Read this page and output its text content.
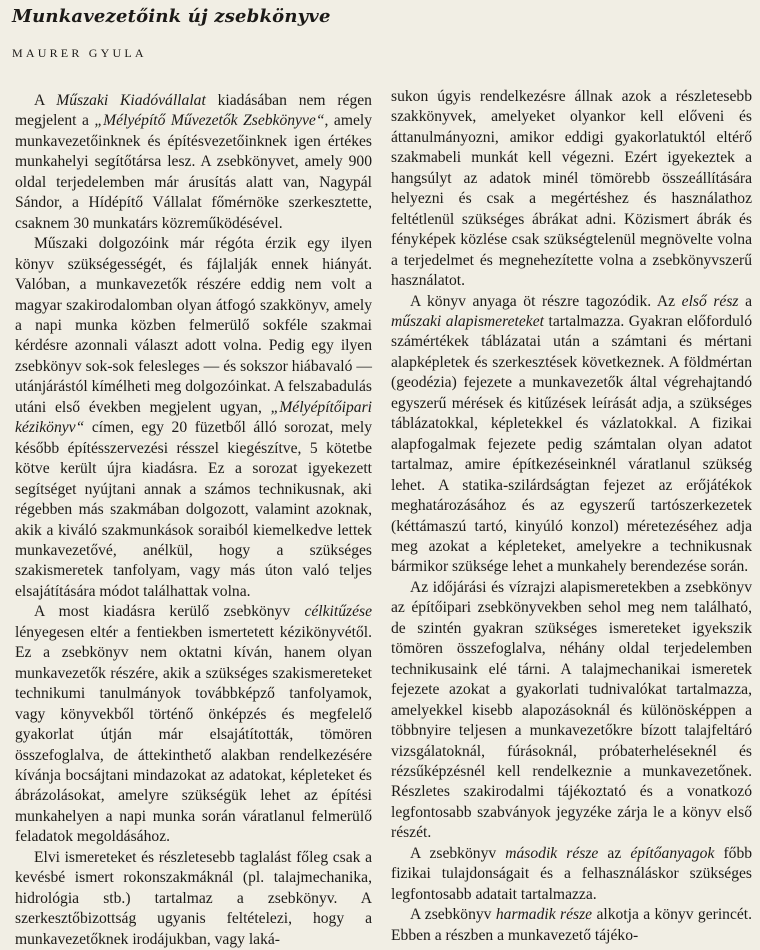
Munkavezetőink új zsebkönyve
MAURER GYULA

A Műszaki Kiadóvállalat kiadásában nem régen megjelent a „Mélyépítő Művezetők Zsebkönyve“, amely munkavezetőinknek és építésvezetőinknek igen értékes munkahelyi segítőtársa lesz. A zsebkönyvet, amely 900 oldal terjedelemben már árusítás alatt van, Nagypál Sándor, a Hídépítő Vállalat főmérnöke szerkesztette, csaknem 30 munkatárs közreműködésével.

Műszaki dolgozóink már régóta érzik egy ilyen könyv szükségességét, és fájlalják ennek hiányát. Valóban, a munkavezetők részére eddig nem volt a magyar szakirodalomban olyan átfogó szakkönyv, amely a napi munka közben felmerülő sokféle szakmai kérdésre azonnali választ adott volna. Pedig egy ilyen zsebkönyv sok-sok felesleges — és sokszor hiábavaló — utánjárástól kímélheti meg dolgozóinkat. A felszabadulás utáni első években megjelent ugyan, „Mélyépítőipari kézikönyv“ címen, egy 20 füzetből álló sorozat, mely később építésszervezési résszel kiegészítve, 5 kötetbe kötve került újra kiadásra. Ez a sorozat igyekezett segítséget nyújtani annak a számos technikusnak, aki régebben más szakmában dolgozott, valamint azoknak, akik a kiváló szakmunkások soraiból kiemelkedve lettek munkavezetővé, anélkül, hogy a szükséges szakismeretek tanfolyam, vagy más úton való teljes elsajátítására módot találhattak volna.

A most kiadásra kerülő zsebkönyv célkitűzése lényegesen eltér a fentiekben ismertetett kézikönyvétől. Ez a zsebkönyv nem oktatni kíván, hanem olyan munkavezetők részére, akik a szükséges szakismereteket technikumi tanulmányok továbbképző tanfolyamok, vagy könyvekből történő önképzés és megfelelő gyakorlat útján már elsajátították, tömören összefoglalva, de áttekinthető alakban rendelkezésére kívánja bocsájtani mindazokat az adatokat, képleteket és ábrázolásokat, amelyre szükségük lehet az építési munkahelyen a napi munka során váratlanul felmerülő feladatok megoldásához.

Elvi ismereteket és részletesebb taglalást főleg csak a kevésbé ismert rokonszakmáknál (pl. talajmechanika, hidrológia stb.) tartalmaz a zsebkönyv. A szerkesztőbizottság ugyanis feltételezi, hogy a munkavezetőknek irodájukban, vagy laká-

sukon úgyis rendelkezésre állnak azok a részletesebb szakkönyvek, amelyeket olyankor kell előveni és áttanulmányozni, amikor eddigi gyakorlatuktól eltérő szakmabeli munkát kell végezni. Ezért igyekeztek a hangsúlyt az adatok minél tömörebb összeállítására helyezni és csak a megértéshez és használathoz feltétlenül szükséges ábrákat adni. Közismert ábrák és fényképek közlése csak szükségtelenül megnövelte volna a terjedelmet és megnehezítette volna a zsebkönyvszerű használatot.

A könyv anyaga öt részre tagozódik. Az első rész a műszaki alapismereteket tartalmazza. Gyakran előforduló számértékek táblázatai után a számtani és mértani alapképletek és szerkesztések következnek. A földmértan (geodézia) fejezete a munkavezetők által végrehajtandó egyszerű mérések és kitűzések leírását adja, a szükséges táblázatokkal, képletekkel és vázlatokkal. A fizikai alapfogalmak fejezete pedig számtalan olyan adatot tartalmaz, amire építkezéseinknél váratlanul szükség lehet. A statika-szilárdságtan fejezet az erőjátékok meghatározásához és az egyszerű tartószerkezetek (kéttámaszú tartó, kinyúló konzol) méretezéséhez adja meg azokat a képleteket, amelyekre a technikusnak bármikor szüksége lehet a munkahely berendezése során.

Az időjárási és vízrajzi alapismeretekben a zsebkönyv az építőipari zsebkönyvekben sehol meg nem található, de szintén gyakran szükséges ismereteket igyekszik tömören összefoglalva, néhány oldal terjedelemben technikusaink elé tárni. A talajmechanikai ismeretek fejezete azokat a gyakorlati tudnivalókat tartalmazza, amelyekkel kisebb alapozásoknál és különösképpen a többnyire teljesen a munkavezetőkre bízott talajfeltáró vizsgálatoknál, fúrásoknál, próbaterheléseknél és rézsűképzésnél kell rendelkeznie a munkavezetőnek. Részletes szakirodalmi tájékoztató és a vonatkozó legfontosabb szabványok jegyzéke zárja le a könyv első részét.

A zsebkönyv második része az építőanyagok főbb fizikai tulajdonságait és a felhasználáskor szükséges legfontosabb adatait tartalmazza.

A zsebkönyv harmadik része alkotja a könyv gerincét. Ebben a részben a munkavezető tájéko-
